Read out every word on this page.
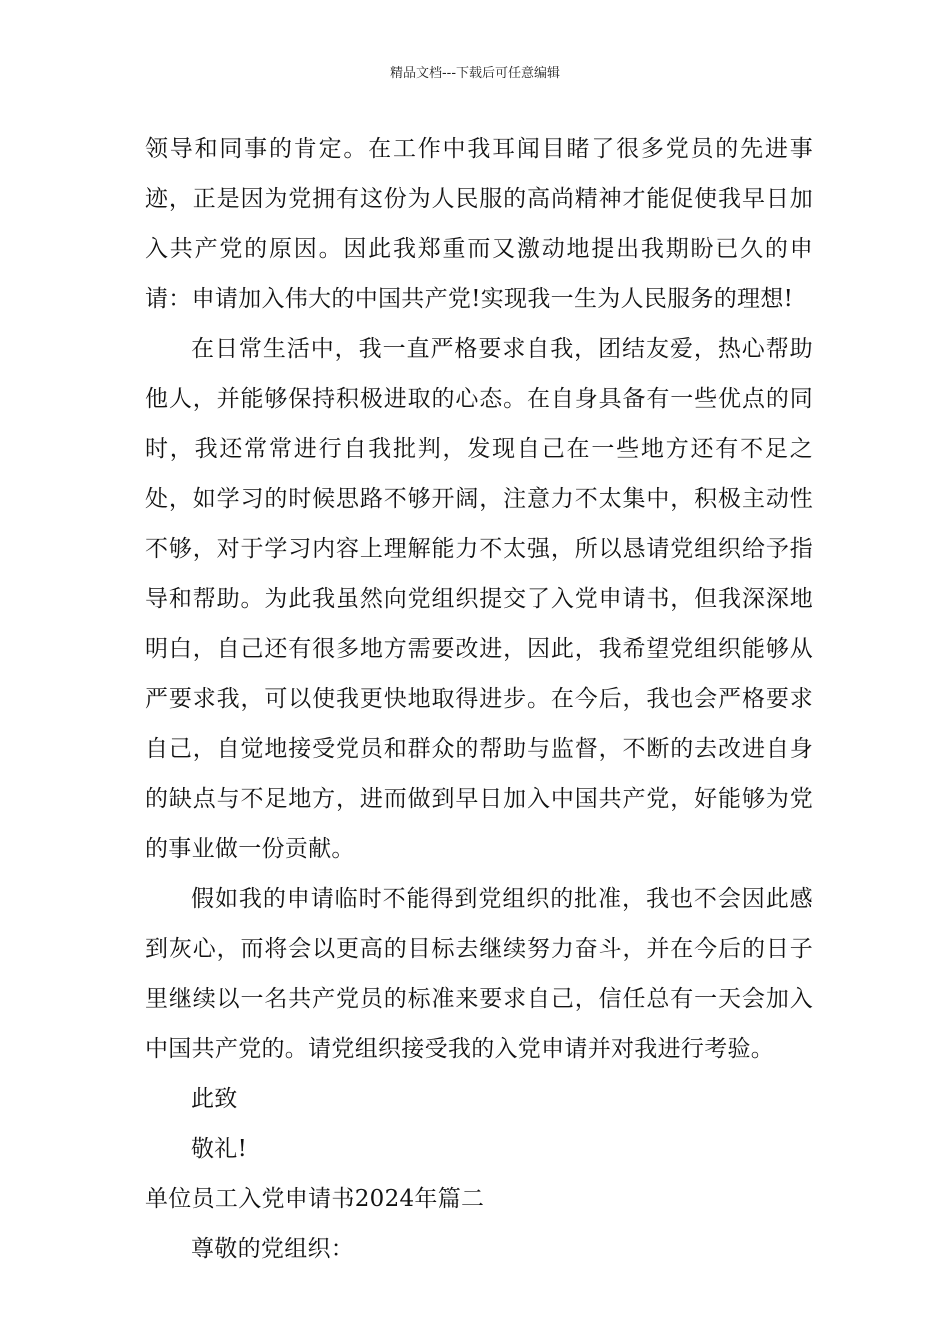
精品文档---下载后可任意编辑

领导和同事的肯定。在工作中我耳闻目睹了很多党员的先进事迹，正是因为党拥有这份为人民服的高尚精神才能促使我早日加入共产党的原因。因此我郑重而又激动地提出我期盼已久的申请：申请加入伟大的中国共产党!实现我一生为人民服务的理想!

在日常生活中，我一直严格要求自我，团结友爱，热心帮助他人，并能够保持积极进取的心态。在自身具备有一些优点的同时，我还常常进行自我批判，发现自己在一些地方还有不足之处，如学习的时候思路不够开阔，注意力不太集中，积极主动性不够，对于学习内容上理解能力不太强，所以恳请党组织给予指导和帮助。为此我虽然向党组织提交了入党申请书，但我深深地明白，自己还有很多地方需要改进，因此，我希望党组织能够从严要求我，可以使我更快地取得进步。在今后，我也会严格要求自己，自觉地接受党员和群众的帮助与监督，不断的去改进自身的缺点与不足地方，进而做到早日加入中国共产党，好能够为党的事业做一份贡献。

假如我的申请临时不能得到党组织的批准，我也不会因此感到灰心，而将会以更高的目标去继续努力奋斗，并在今后的日子里继续以一名共产党员的标准来要求自己，信任总有一天会加入中国共产党的。请党组织接受我的入党申请并对我进行考验。

此致

敬礼!

单位员工入党申请书2024年篇二

尊敬的党组织：
